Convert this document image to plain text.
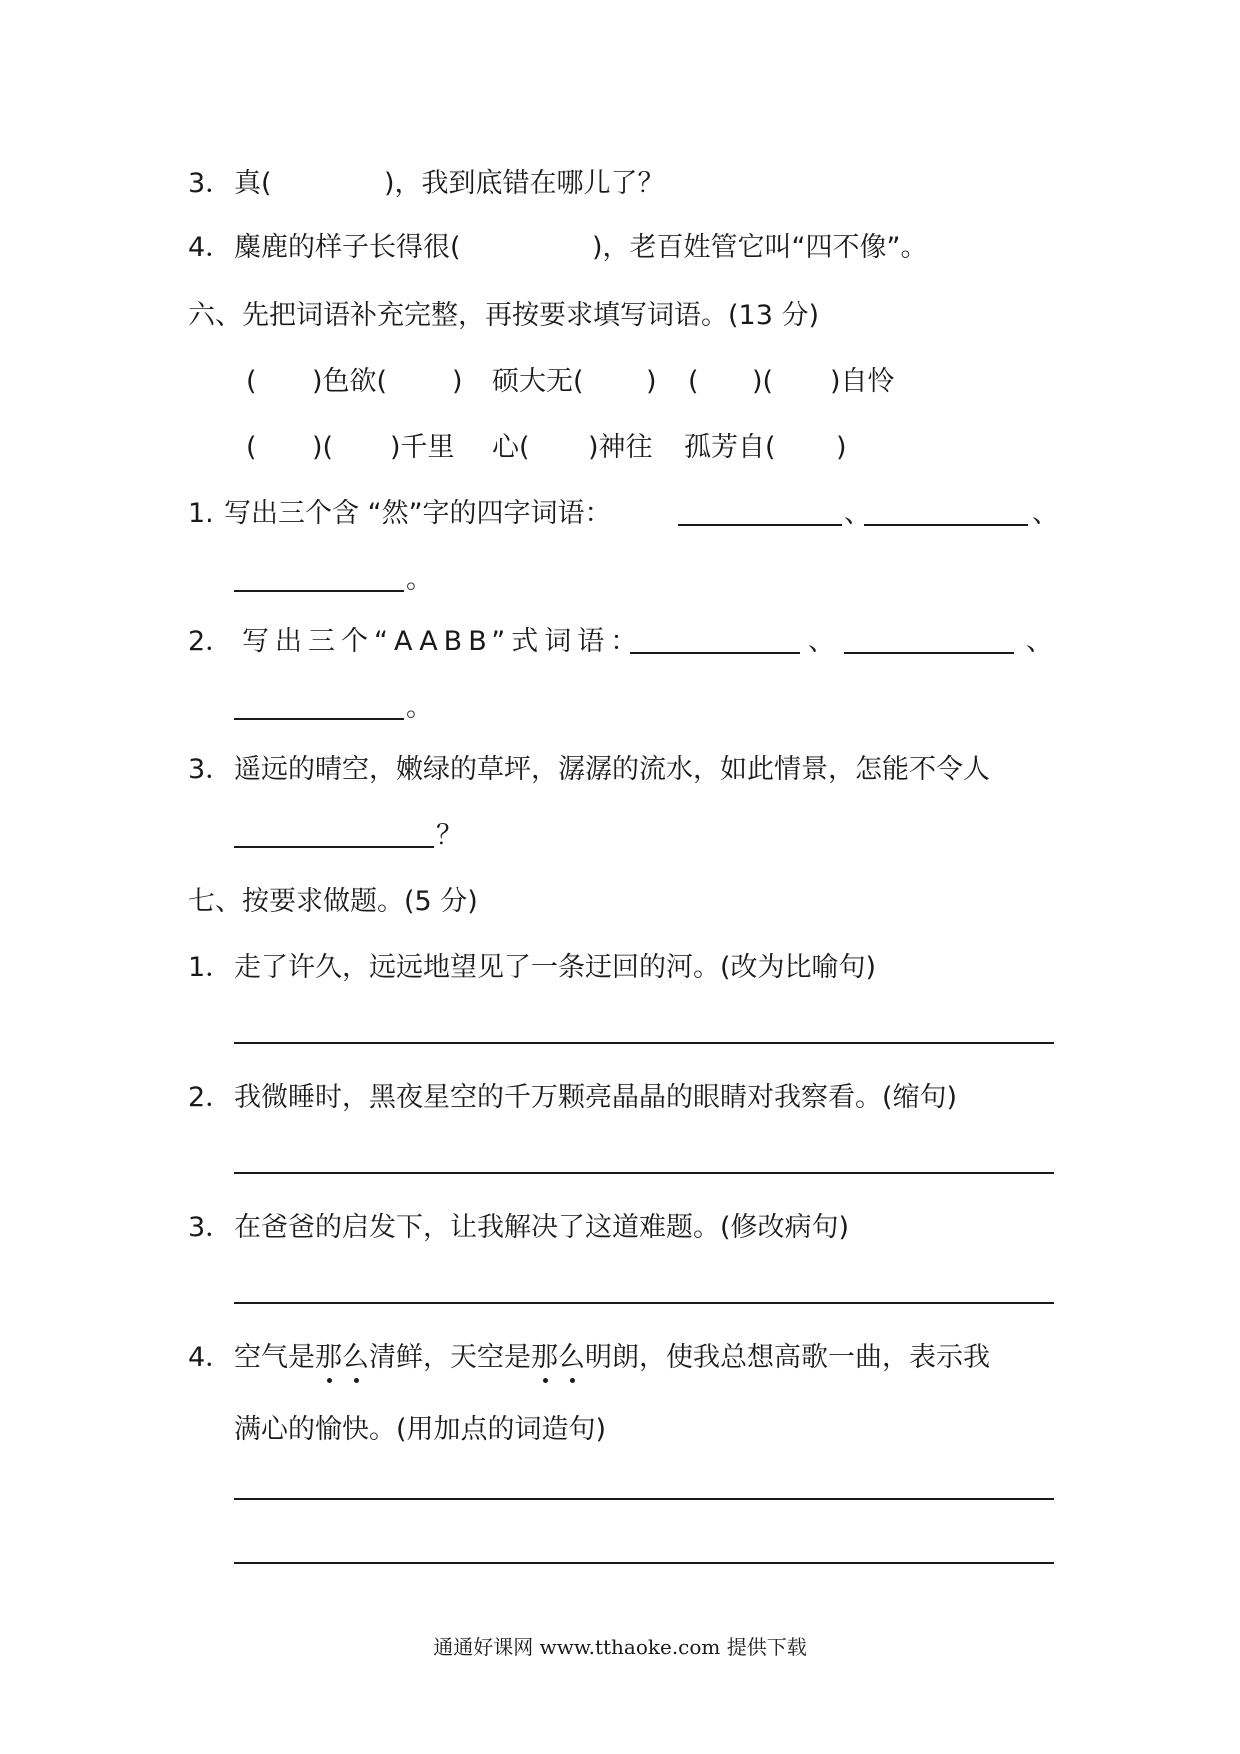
3． 真(	)，我到底错在哪儿了？
4． 麋鹿的样子长得很(	)，老百姓管它叫“四不像”。
六、先把词语补充完整，再按要求填写词语。(13 分)
( )色欲( ) 硕大无( ) ( )( )自怜
( )( )千里 心( )神往 孤芳自( )
1. 写出三个含 “然”字的四字词语：	、	、
。
2． 写出三个“AABB”式词语：	、	、
。
3． 遥远的晴空，嫩绿的草坪，潺潺的流水，如此情景，怎能不令人
？
七、按要求做题。(5 分)
1． 走了许久，远远地望见了一条迂回的河。(改为比喻句)
2． 我微睡时，黑夜星空的千万颗亮晶晶的眼睛对我察看。(缩句)
3． 在爸爸的启发下，让我解决了这道难题。(修改病句)
4． 空气是那么清鲜，天空是那么明朗，使我总想高歌一曲，表示我
满心的愉快。(用加点的词造句)
通通好课网 www.tthaoke.com 提供下载
